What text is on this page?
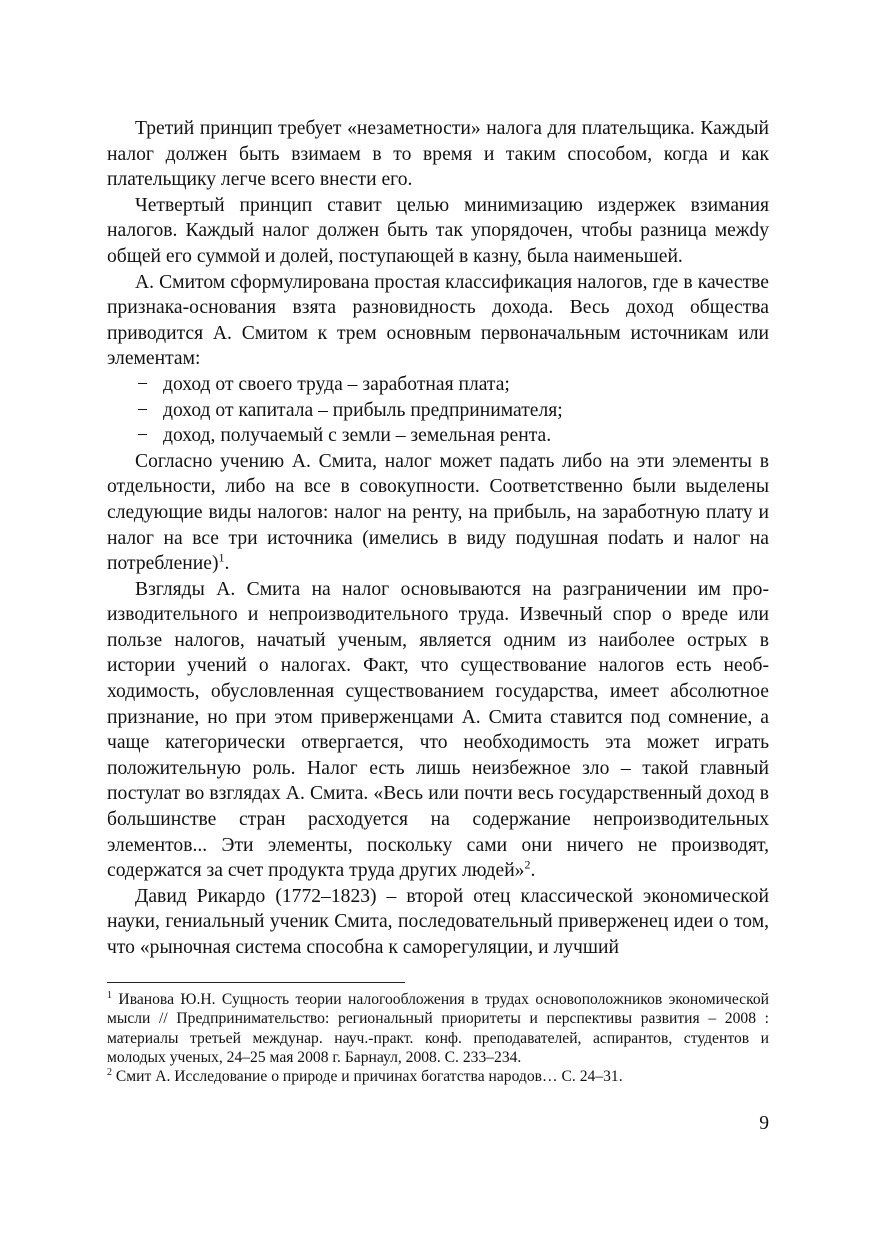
Третий принцип требует «незаметности» налога для плательщика. Каждый налог должен быть взимаем в то время и таким способом, когда и как плательщику легче всего внести его.

Четвертый принцип ставит целью минимизацию издержек взимания налогов. Каждый налог должен быть так упорядочен, чтобы разница межdy общей его суммой и долей, поступающей в казну, была наименьшей.

А. Смитом сформулирована простая классификация налогов, где в качестве признака-основания взята разновидность дохода. Весь доход общества приводится А. Смитом к трем основным первоначальным источникам или элементам:

− доход от своего труда – заработная плата;
− доход от капитала – прибыль предпринимателя;
− доход, получаемый с земли – земельная рента.

Согласно учению А. Смита, налог может падать либо на эти элементы в отдельности, либо на все в совокупности. Соответственно были выделены следующие виды налогов: налог на ренту, на прибыль, на заработную плату и налог на все три источника (имелись в виду подушная поdать и налог на потребление)$^1$.

Взгляды А. Смита на налог основываются на разграничении им производительного и непроизводительного труда. Извечный спор о вреде или пользе налогов, начатый ученым, является одним из наиболее острых в истории учений о налогах. Факт, что существование налогов есть необходимость, обусловленная существованием государства, имеет абсолютное признание, но при этом приверженцами А. Смита ставится под сомнение, а чаще категорически отвергается, что необходимость эта может играть положительную роль. Налог есть лишь неизбежное зло – такой главный постулат во взглядах А. Смита. «Весь или почти весь государственный доход в большинстве стран расходуется на содержание непроизводительных элементов... Эти элементы, поскольку сами они ничего не производят, содержатся за счет продукта труда других людей»$^2$.

Давид Рикардо (1772–1823) – второй отец классической экономической науки, гениальный ученик Смита, последовательный приверженец идеи о том, что «рыночная система способна к саморегуляции, и лучший

$^1$ Иванова Ю.Н. Сущность теории налогообложения в трудах основоположников экономической мысли // Предпринимательство: региональный приоритеты и перспективы развития – 2008 : материалы третьей междунар. науч.-практ. конф. преподавателей, аспирантов, студентов и молодых ученых, 24–25 мая 2008 г. Барнаул, 2008. С. 233–234.

$^2$ Смит А. Исследование о природе и причинах богатства народов… С. 24–31.

9
